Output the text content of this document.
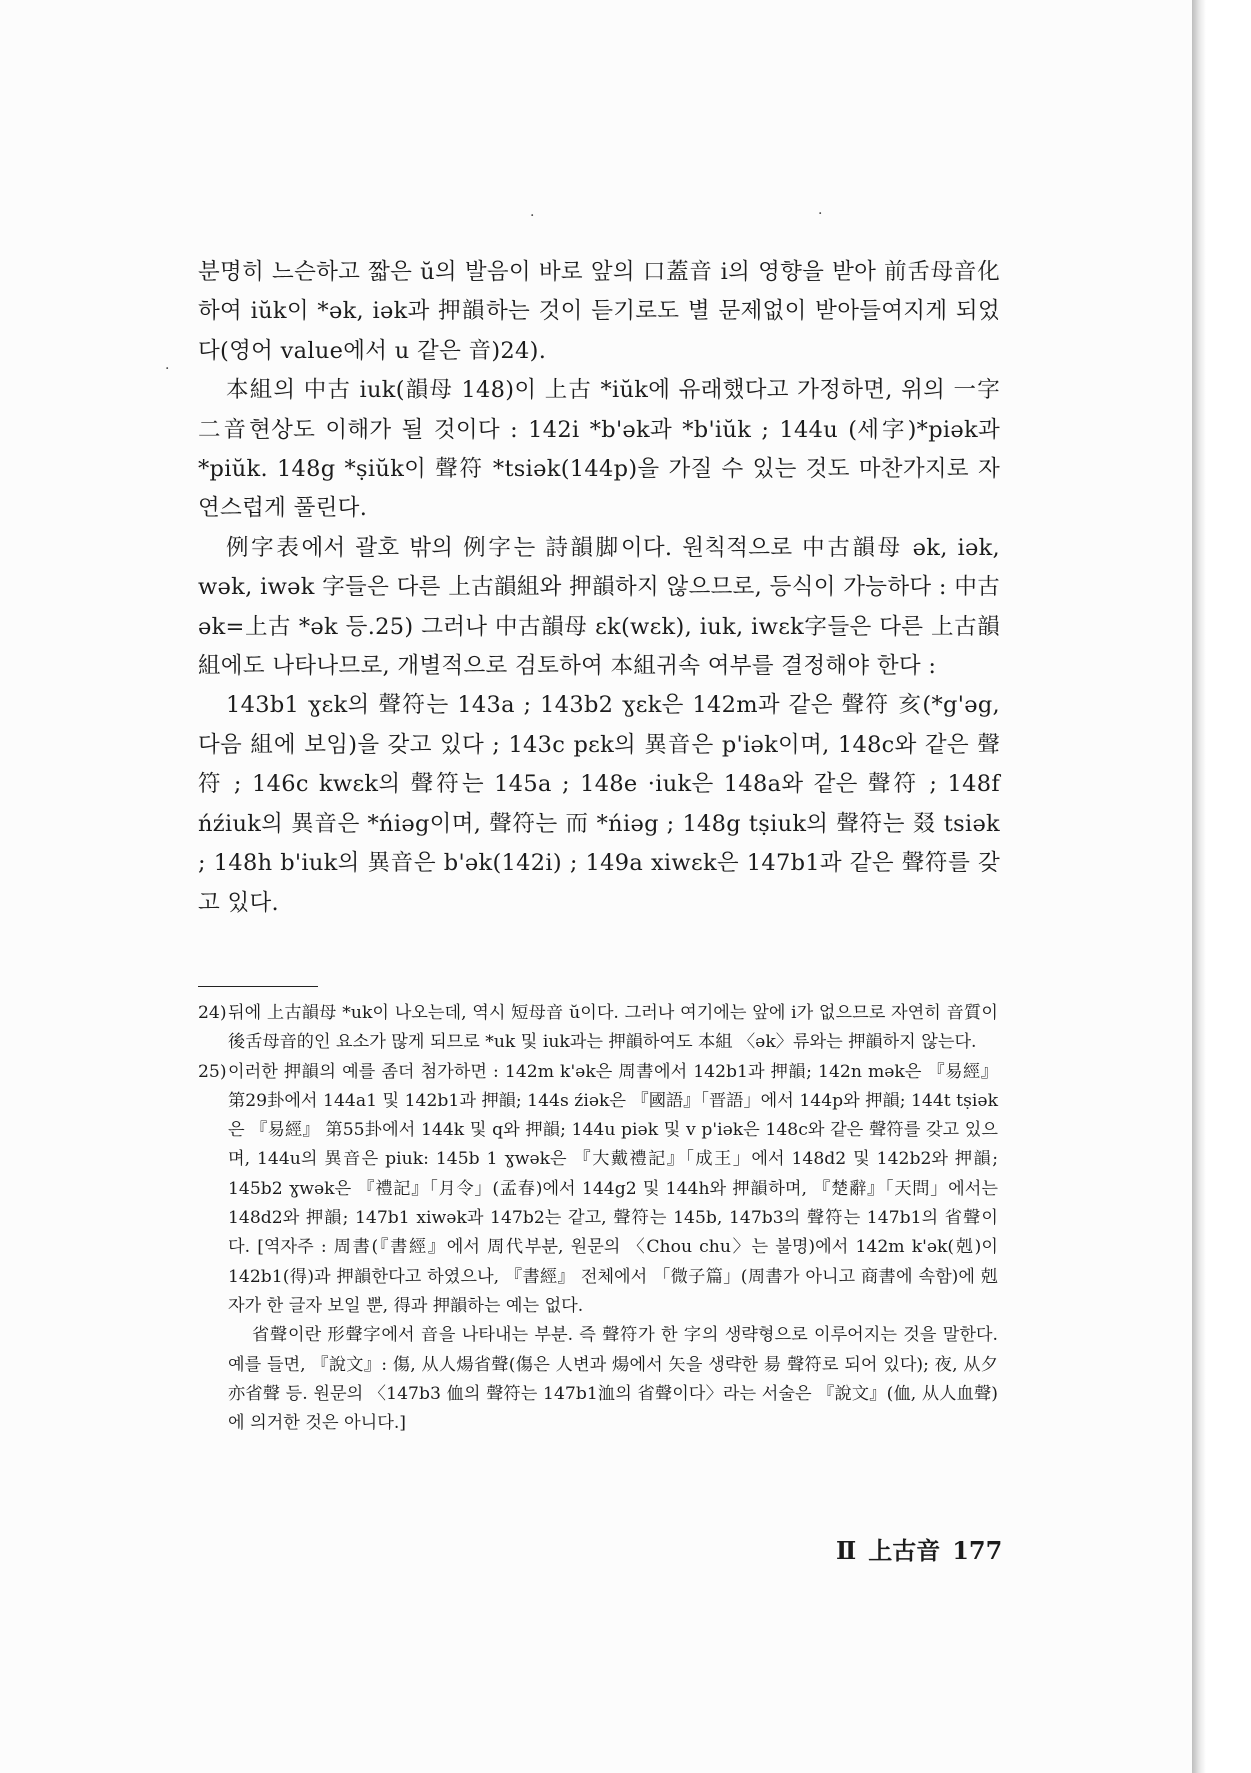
·	·
·

분명히 느슨하고 짧은 ŭ의 발음이 바로 앞의 口蓋音 i의 영향을 받아 前舌母音化하여 iŭk이 *ək, iək과 押韻하는 것이 듣기로도 별 문제없이 받아들여지게 되었다(영어 value에서 u 같은 音)24).

本組의 中古 iuk(韻母 148)이 上古 *iŭk에 유래했다고 가정하면, 위의 一字二音현상도 이해가 될 것이다 : 142i *b'ək과 *b'iŭk ; 144u (세字)*piək과 *piŭk. 148g *ṣiŭk이 聲符 *tsiək(144p)을 가질 수 있는 것도 마찬가지로 자연스럽게 풀린다.

例字表에서 괄호 밖의 例字는 詩韻脚이다. 원칙적으로 中古韻母 ək, iək, wək, iwək 字들은 다른 上古韻組와 押韻하지 않으므로, 등식이 가능하다 : 中古 ək=上古 *ək 등.25) 그러나 中古韻母 ɛk(wɛk), iuk, iwɛk字들은 다른 上古韻組에도 나타나므로, 개별적으로 검토하여 本組귀속 여부를 결정해야 한다 :

143b1 ɣɛk의 聲符는 143a ; 143b2 ɣɛk은 142m과 같은 聲符 亥(*g'əg, 다음 組에 보임)을 갖고 있다 ; 143c pɛk의 異音은 p'iək이며, 148c와 같은 聲符 ; 146c kwɛk의 聲符는 145a ; 148e ·iuk은 148a와 같은 聲符 ; 148f ńźiuk의 異音은 *ńiəg이며, 聲符는 而 *ńiəg ; 148g tṣiuk의 聲符는 叕 tsiək ; 148h b'iuk의 異音은 b'ək(142i) ; 149a xiwɛk은 147b1과 같은 聲符를 갖고 있다.

24) 뒤에 上古韻母 *uk이 나오는데, 역시 短母音 ŭ이다. 그러나 여기에는 앞에 i가 없으므로 자연히 音質이 後舌母音的인 요소가 많게 되므로 *uk 및 iuk과는 押韻하여도 本組 〈ək〉류와는 押韻하지 않는다.
25) 이러한 押韻의 예를 좀더 첨가하면 : 142m k'ək은 周書에서 142b1과 押韻; 142n mək은 『易經』 第29卦에서 144a1 및 142b1과 押韻; 144s źiək은 『國語』「晋語」에서 144p와 押韻; 144t tṣiək은 『易經』 第55卦에서 144k 및 q와 押韻; 144u piək 및 v p'iək은 148c와 같은 聲符를 갖고 있으며, 144u의 異音은 piuk: 145b 1 ɣwək은 『大戴禮記』「成王」에서 148d2 및 142b2와 押韻; 145b2 ɣwək은 『禮記』「月令」(孟春)에서 144g2 및 144h와 押韻하며, 『楚辭』「天問」에서는 148d2와 押韻; 147b1 xiwək과 147b2는 같고, 聲符는 145b, 147b3의 聲符는 147b1의 省聲이다. [역자주 : 周書(『書經』에서 周代부분, 원문의 〈Chou chu〉는 불명)에서 142m k'ək(剋)이 142b1(得)과 押韻한다고 하였으나, 『書經』 전체에서 「微子篇」(周書가 아니고 商書에 속함)에 剋자가 한 글자 보일 뿐, 得과 押韻하는 예는 없다.
省聲이란 形聲字에서 音을 나타내는 부분. 즉 聲符가 한 字의 생략형으로 이루어지는 것을 말한다. 예를 들면, 『說文』: 傷, 从人煬省聲(傷은 人변과 煬에서 矢을 생략한 昜 聲符로 되어 있다); 夜, 从夕亦省聲 등. 원문의 〈147b3 侐의 聲符는 147b1洫의 省聲이다〉라는 서술은 『說文』(侐, 从人血聲)에 의거한 것은 아니다.]
Ⅱ 上古音 177
